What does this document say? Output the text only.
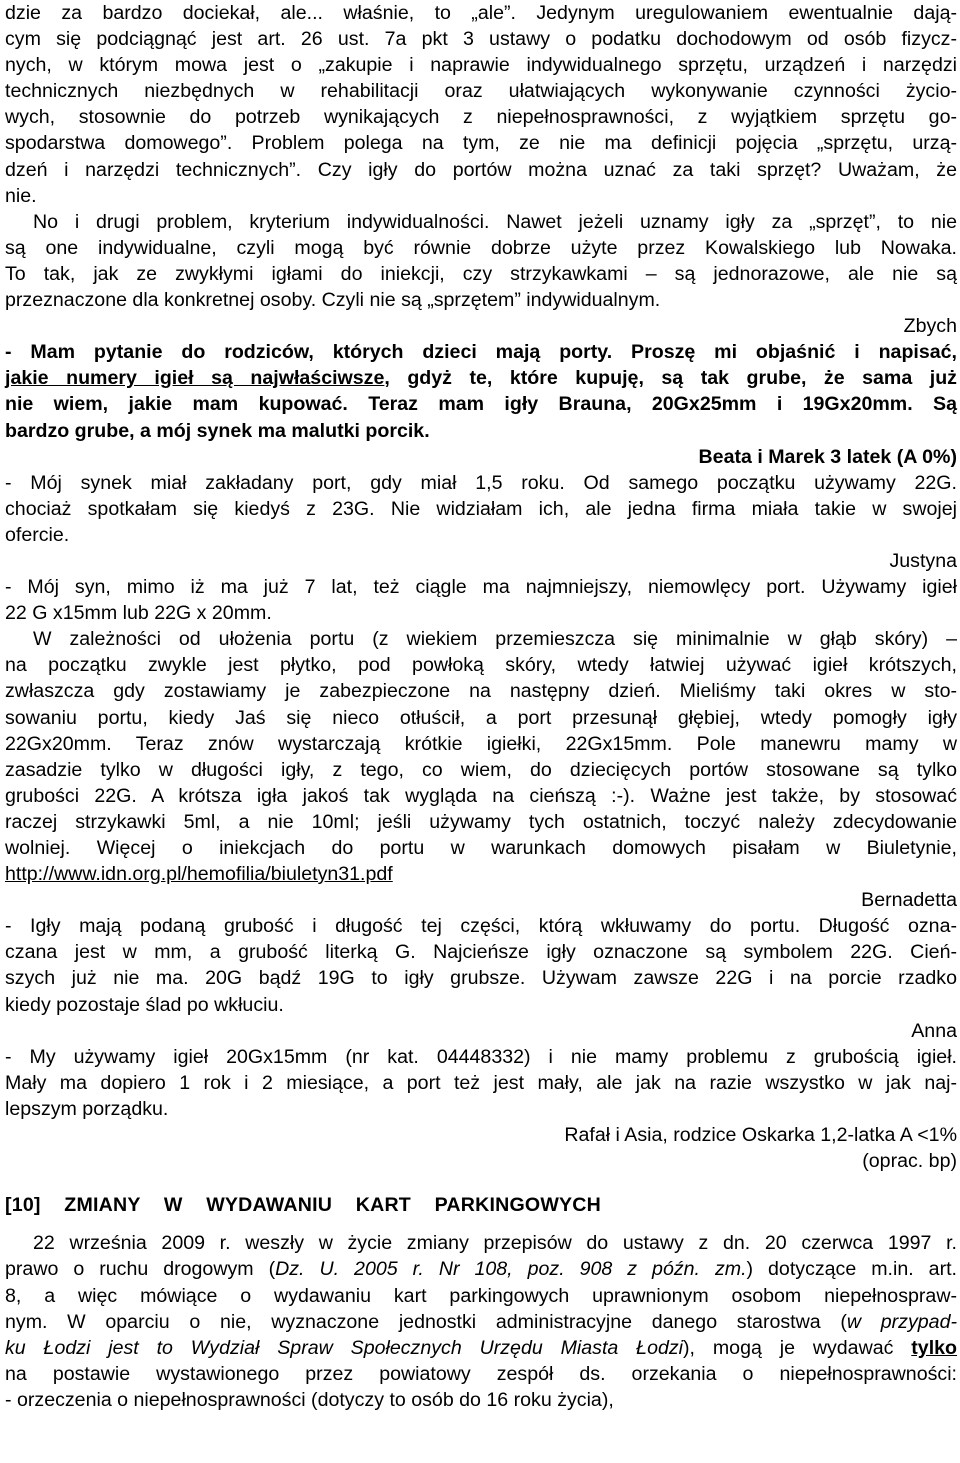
dzie za bardzo dociekał, ale... właśnie, to „ale”. Jedynym uregulowaniem ewentualnie dają-
cym się podciągnąć jest art. 26 ust. 7a pkt 3 ustawy o podatku dochodowym od osób fizycz-
nych, w którym mowa jest o „zakupie i naprawie indywidualnego sprzętu, urządzeń i narzędzi
technicznych niezbędnych w rehabilitacji oraz ułatwiających wykonywanie czynności życio-
wych, stosownie do potrzeb wynikających z niepełnosprawności, z wyjątkiem sprzętu go-
spodarstwa domowego”. Problem polega na tym, ze nie ma definicji pojęcia „sprzętu, urzą-
dzeń i narzędzi technicznych”. Czy igły do portów można uznać za taki sprzęt? Uważam, że
nie.

No i drugi problem, kryterium indywidualności. Nawet jeżeli uznamy igły za „sprzęt”, to nie
są one indywidualne, czyli mogą być równie dobrze użyte przez Kowalskiego lub Nowaka.
To tak, jak ze zwykłymi igłami do iniekcji, czy strzykawkami – są jednorazowe, ale nie są
przeznaczone dla konkretnej osoby. Czyli nie są „sprzętem” indywidualnym.

Zbych

- Mam pytanie do rodziców, których dzieci mają porty. Proszę mi objaśnić i napisać,
jakie numery igieł są najwłaściwsze, gdyż te, które kupuję, są tak grube, że sama już
nie wiem, jakie mam kupować. Teraz mam igły Brauna, 20Gx25mm i 19Gx20mm. Są
bardzo grube, a mój synek ma malutki porcik.

Beata i Marek 3 latek (A 0%)

- Mój synek miał zakładany port, gdy miał 1,5 roku. Od samego początku używamy 22G.
chociaż spotkałam się kiedyś z 23G. Nie widziałam ich, ale jedna firma miała takie w swojej
ofercie.

Justyna

- Mój syn, mimo iż ma już 7 lat, też ciągle ma najmniejszy, niemowlęcy port. Używamy igieł
22 G x15mm lub 22G x 20mm.

W zależności od ułożenia portu (z wiekiem przemieszcza się minimalnie w głąb skóry) –
na początku zwykle jest płytko, pod powłoką skóry, wtedy łatwiej używać igieł krótszych,
zwłaszcza gdy zostawiamy je zabezpieczone na następny dzień. Mieliśmy taki okres w sto-
sowaniu portu, kiedy Jaś się nieco otłuścił, a port przesunął głębiej, wtedy pomogły igły
22Gx20mm. Teraz znów wystarczają krótkie igiełki, 22Gx15mm. Pole manewru mamy w
zasadzie tylko w długości igły, z tego, co wiem, do dziecięcych portów stosowane są tylko
grubości 22G. A krótsza igła jakoś tak wygląda na cieńszą :-). Ważne jest także, by stosować
raczej strzykawki 5ml, a nie 10ml; jeśli używamy tych ostatnich, toczyć należy zdecydowanie
wolniej. Więcej o iniekcjach do portu w warunkach domowych pisałam w Biuletynie,
http://www.idn.org.pl/hemofilia/biuletyn31.pdf

Bernadetta

- Igły mają podaną grubość i długość tej części, którą wkłuwamy do portu. Długość ozna-
czana jest w mm, a grubość literką G. Najcieńsze igły oznaczone są symbolem 22G. Cień-
szych już nie ma. 20G bądź 19G to igły grubsze. Używam zawsze 22G i na porcie rzadko
kiedy pozostaje ślad po wkłuciu.

Anna

- My używamy igieł 20Gx15mm (nr kat. 04448332) i nie mamy problemu z grubością igieł.
Mały ma dopiero 1 rok i 2 miesiące, a port też jest mały, ale jak na razie wszystko w jak naj-
lepszym porządku.

Rafał i Asia, rodzice Oskarka 1,2-latka A <1%
(oprac. bp)
[10] ZMIANY W WYDAWANIU KART PARKINGOWYCH

22 września 2009 r. weszły w życie zmiany przepisów do ustawy z dn. 20 czerwca 1997 r.
prawo o ruchu drogowym (Dz. U. 2005 r. Nr 108, poz. 908 z późn. zm.) dotyczące m.in. art.
8, a więc mówiące o wydawaniu kart parkingowych uprawnionym osobom niepełnospraw-
nym. W oparciu o nie, wyznaczone jednostki administracyjne danego starostwa (w przypad-
ku Łodzi jest to Wydział Spraw Społecznych Urzędu Miasta Łodzi), mogą je wydawać tylko
na postawie wystawionego przez powiatowy zespół ds. orzekania o niepełnosprawności:
- orzeczenia o niepełnosprawności (dotyczy to osób do 16 roku życia),
